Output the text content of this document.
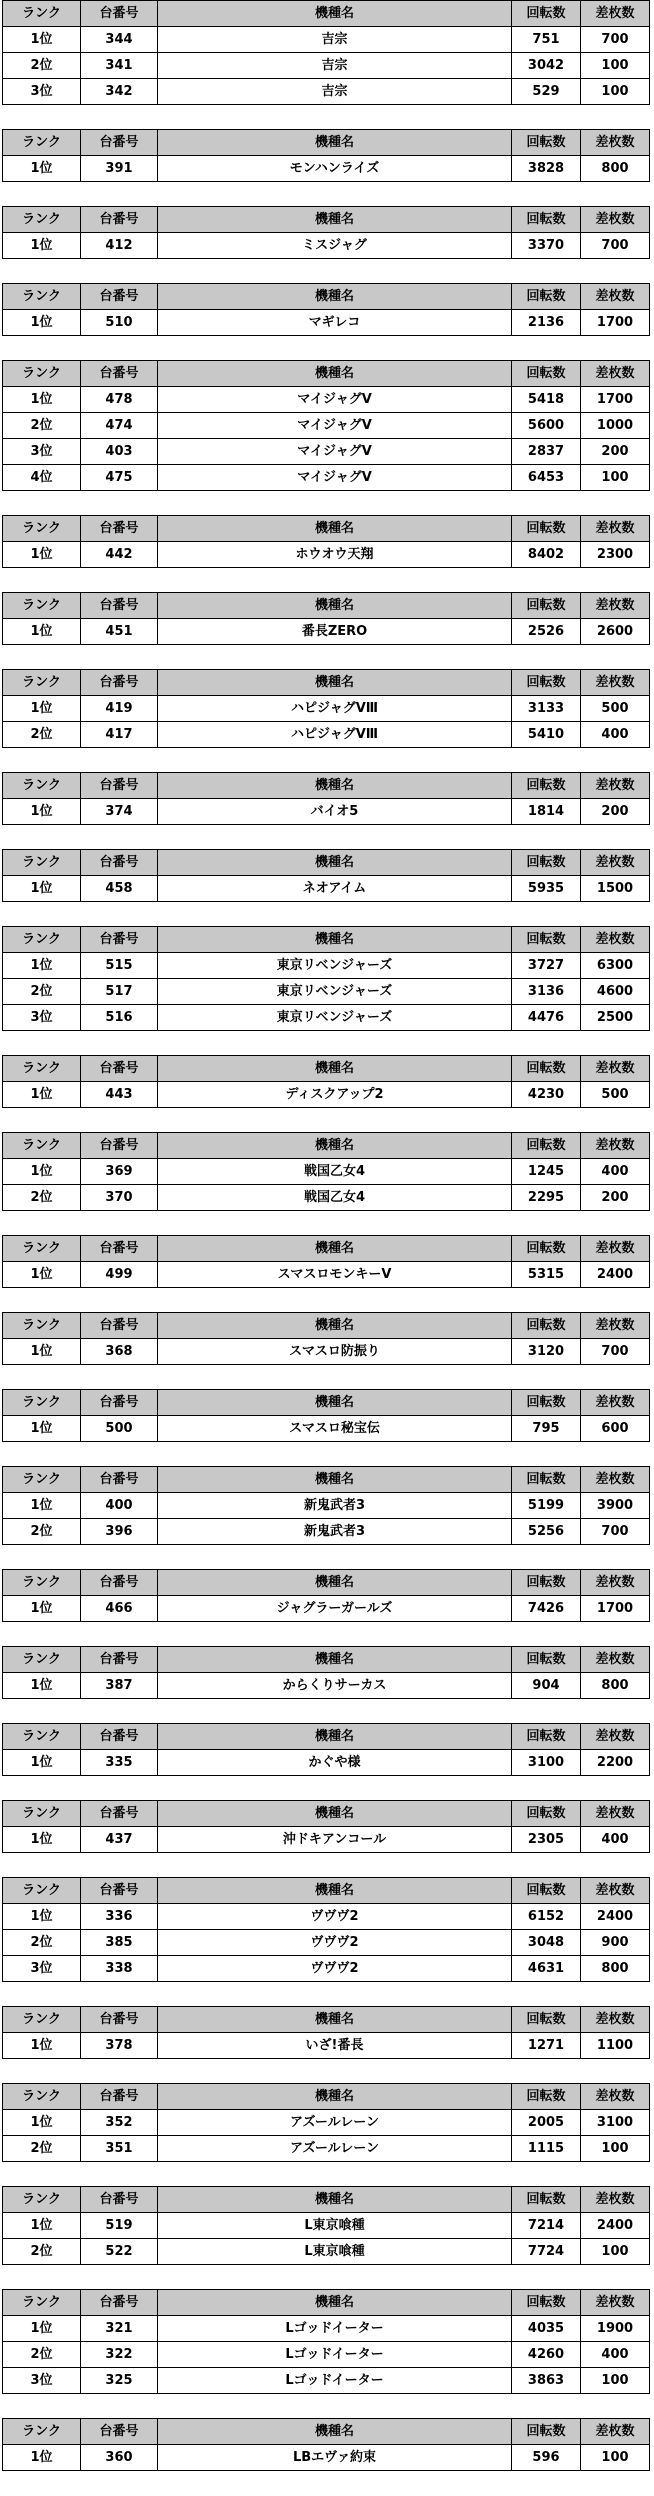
ランク	台番号	機種名	回転数	差枚数
1位	344	吉宗	751	700
2位	341	吉宗	3042	100
3位	342	吉宗	529	100
ランク	台番号	機種名	回転数	差枚数
1位	391	モンハンライズ	3828	800
ランク	台番号	機種名	回転数	差枚数
1位	412	ミスジャグ	3370	700
ランク	台番号	機種名	回転数	差枚数
1位	510	マギレコ	2136	1700
ランク	台番号	機種名	回転数	差枚数
1位	478	マイジャグV	5418	1700
2位	474	マイジャグV	5600	1000
3位	403	マイジャグV	2837	200
4位	475	マイジャグV	6453	100
ランク	台番号	機種名	回転数	差枚数
1位	442	ホウオウ天翔	8402	2300
ランク	台番号	機種名	回転数	差枚数
1位	451	番長ZERO	2526	2600
ランク	台番号	機種名	回転数	差枚数
1位	419	ハピジャグVⅢ	3133	500
2位	417	ハピジャグVⅢ	5410	400
ランク	台番号	機種名	回転数	差枚数
1位	374	バイオ5	1814	200
ランク	台番号	機種名	回転数	差枚数
1位	458	ネオアイム	5935	1500
ランク	台番号	機種名	回転数	差枚数
1位	515	東京リベンジャーズ	3727	6300
2位	517	東京リベンジャーズ	3136	4600
3位	516	東京リベンジャーズ	4476	2500
ランク	台番号	機種名	回転数	差枚数
1位	443	ディスクアップ2	4230	500
ランク	台番号	機種名	回転数	差枚数
1位	369	戦国乙女4	1245	400
2位	370	戦国乙女4	2295	200
ランク	台番号	機種名	回転数	差枚数
1位	499	スマスロモンキーV	5315	2400
ランク	台番号	機種名	回転数	差枚数
1位	368	スマスロ防振り	3120	700
ランク	台番号	機種名	回転数	差枚数
1位	500	スマスロ秘宝伝	795	600
ランク	台番号	機種名	回転数	差枚数
1位	400	新鬼武者3	5199	3900
2位	396	新鬼武者3	5256	700
ランク	台番号	機種名	回転数	差枚数
1位	466	ジャグラーガールズ	7426	1700
ランク	台番号	機種名	回転数	差枚数
1位	387	からくりサーカス	904	800
ランク	台番号	機種名	回転数	差枚数
1位	335	かぐや様	3100	2200
ランク	台番号	機種名	回転数	差枚数
1位	437	沖ドキアンコール	2305	400
ランク	台番号	機種名	回転数	差枚数
1位	336	ヴヴヴ2	6152	2400
2位	385	ヴヴヴ2	3048	900
3位	338	ヴヴヴ2	4631	800
ランク	台番号	機種名	回転数	差枚数
1位	378	いざ!番長	1271	1100
ランク	台番号	機種名	回転数	差枚数
1位	352	アズールレーン	2005	3100
2位	351	アズールレーン	1115	100
ランク	台番号	機種名	回転数	差枚数
1位	519	L東京喰種	7214	2400
2位	522	L東京喰種	7724	100
ランク	台番号	機種名	回転数	差枚数
1位	321	Lゴッドイーター	4035	1900
2位	322	Lゴッドイーター	4260	400
3位	325	Lゴッドイーター	3863	100
ランク	台番号	機種名	回転数	差枚数
1位	360	LBエヴァ約束	596	100
